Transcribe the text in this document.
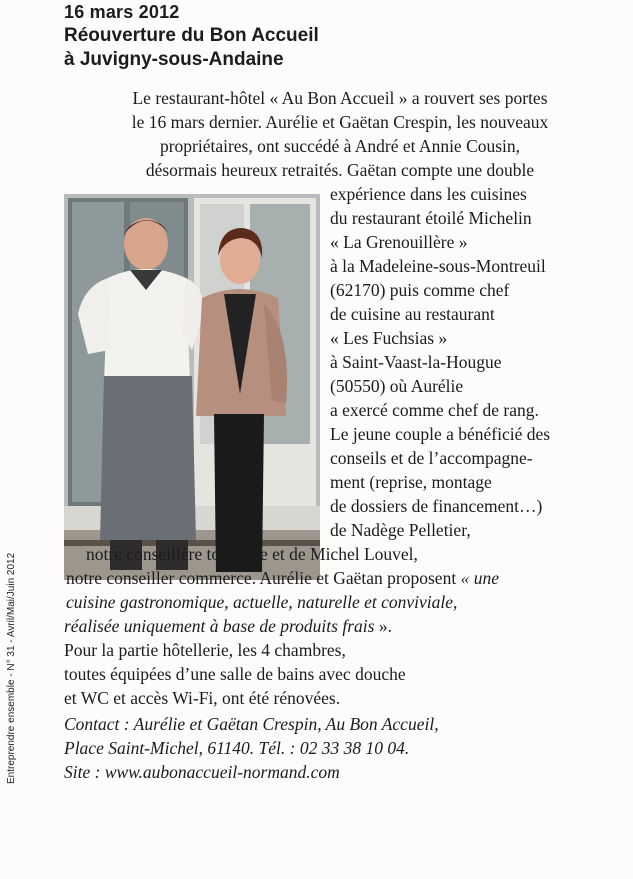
Entreprendre ensemble - N° 31 - Avril/Mai/Juin 2012
16 mars 2012
Réouverture du Bon Accueil
à Juvigny-sous-Andaine
Le restaurant-hôtel « Au Bon Accueil » a rouvert ses portes
le 16 mars dernier. Aurélie et Gaëtan Crespin, les nouveaux
propriétaires, ont succédé à André et Annie Cousin,
désormais heureux retraités. Gaëtan compte une double
expérience dans les cuisines
du restaurant étoilé Michelin
« La Grenouillère »
à la Madeleine-sous-Montreuil
(62170) puis comme chef
de cuisine au restaurant
« Les Fuchsias »
à Saint-Vaast-la-Hougue
(50550) où Aurélie
a exercé comme chef de rang.
Le jeune couple a bénéficié des
conseils et de l’accompagne-
ment (reprise, montage
de dossiers de financement…)
de Nadège Pelletier,
notre conseillère tourisme et de Michel Louvel,
notre conseiller commerce. Aurélie et Gaëtan proposent « une
cuisine gastronomique, actuelle, naturelle et conviviale,
réalisée uniquement à base de produits frais ».
Pour la partie hôtellerie, les 4 chambres,
toutes équipées d’une salle de bains avec douche
et WC et accès Wi-Fi, ont été rénovées.
Contact : Aurélie et Gaëtan Crespin, Au Bon Accueil,
Place Saint-Michel, 61140. Tél. : 02 33 38 10 04.
Site : www.aubonaccueil-normand.com
